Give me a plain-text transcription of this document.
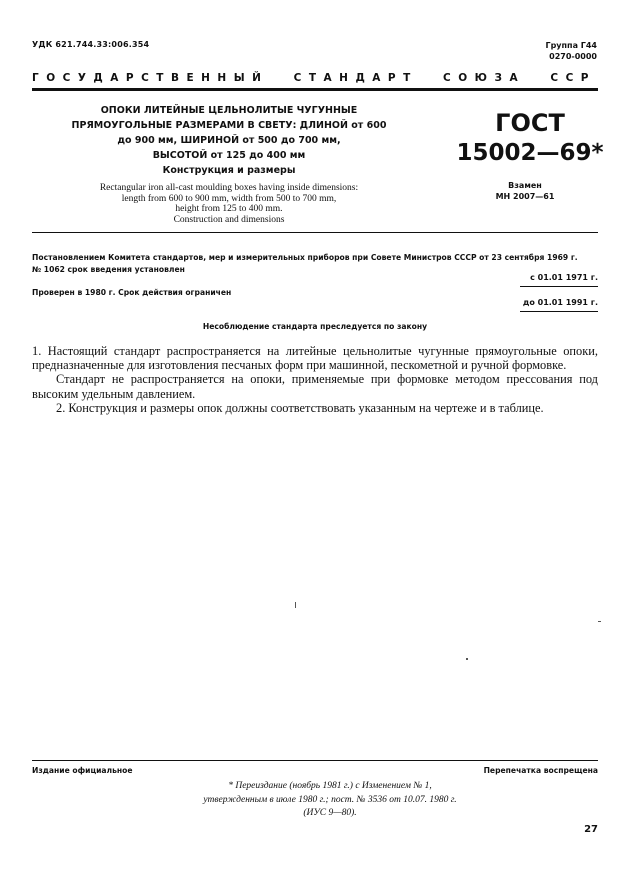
УДК 621.744.33:006.354	Группа Г44
0270-0000
ГОСУДАРСТВЕННЫЙ СТАНДАРТ СОЮЗА ССР
ОПОКИ ЛИТЕЙНЫЕ ЦЕЛЬНОЛИТЫЕ ЧУГУННЫЕ
ПРЯМОУГОЛЬНЫЕ РАЗМЕРАМИ В СВЕТУ: ДЛИНОЙ от 600
до 900 мм, ШИРИНОЙ от 500 до 700 мм,
ВЫСОТОЙ от 125 до 400 мм
Конструкция и размеры
Rectangular iron all-cast moulding boxes having inside dimensions:
length from 600 to 900 mm, width from 500 to 700 mm,
height from 125 to 400 mm.
Construction and dimensions
ГОСТ
15002—69*
Взамен
МН 2007—61
Постановлением Комитета стандартов, мер и измерительных приборов при Совете Министров СССР от 23 сентября 1969 г.
№ 1062 срок введения установлен
с 01.01 1971 г.
Проверен в 1980 г. Срок действия ограничен
до 01.01 1991 г.
Несоблюдение стандарта преследуется по закону

1. Настоящий стандарт распространяется на литейные цельнолитые чугунные прямоугольные опоки, предназначенные для изготовления песчаных форм при машинной, пескометной и ручной формовке.

Стандарт не распространяется на опоки, применяемые при формовке методом прессования под высоким удельным давлением.

2. Конструкция и размеры опок должны соответствовать указанным на чертеже и в таблице.

Издание официальное	Перепечатка воспрещена
* Переиздание (ноябрь 1981 г.) с Изменением № 1,
утвержденным в июле 1980 г.; пост. № 3536 от 10.07. 1980 г.
(ИУС 9—80).
27
